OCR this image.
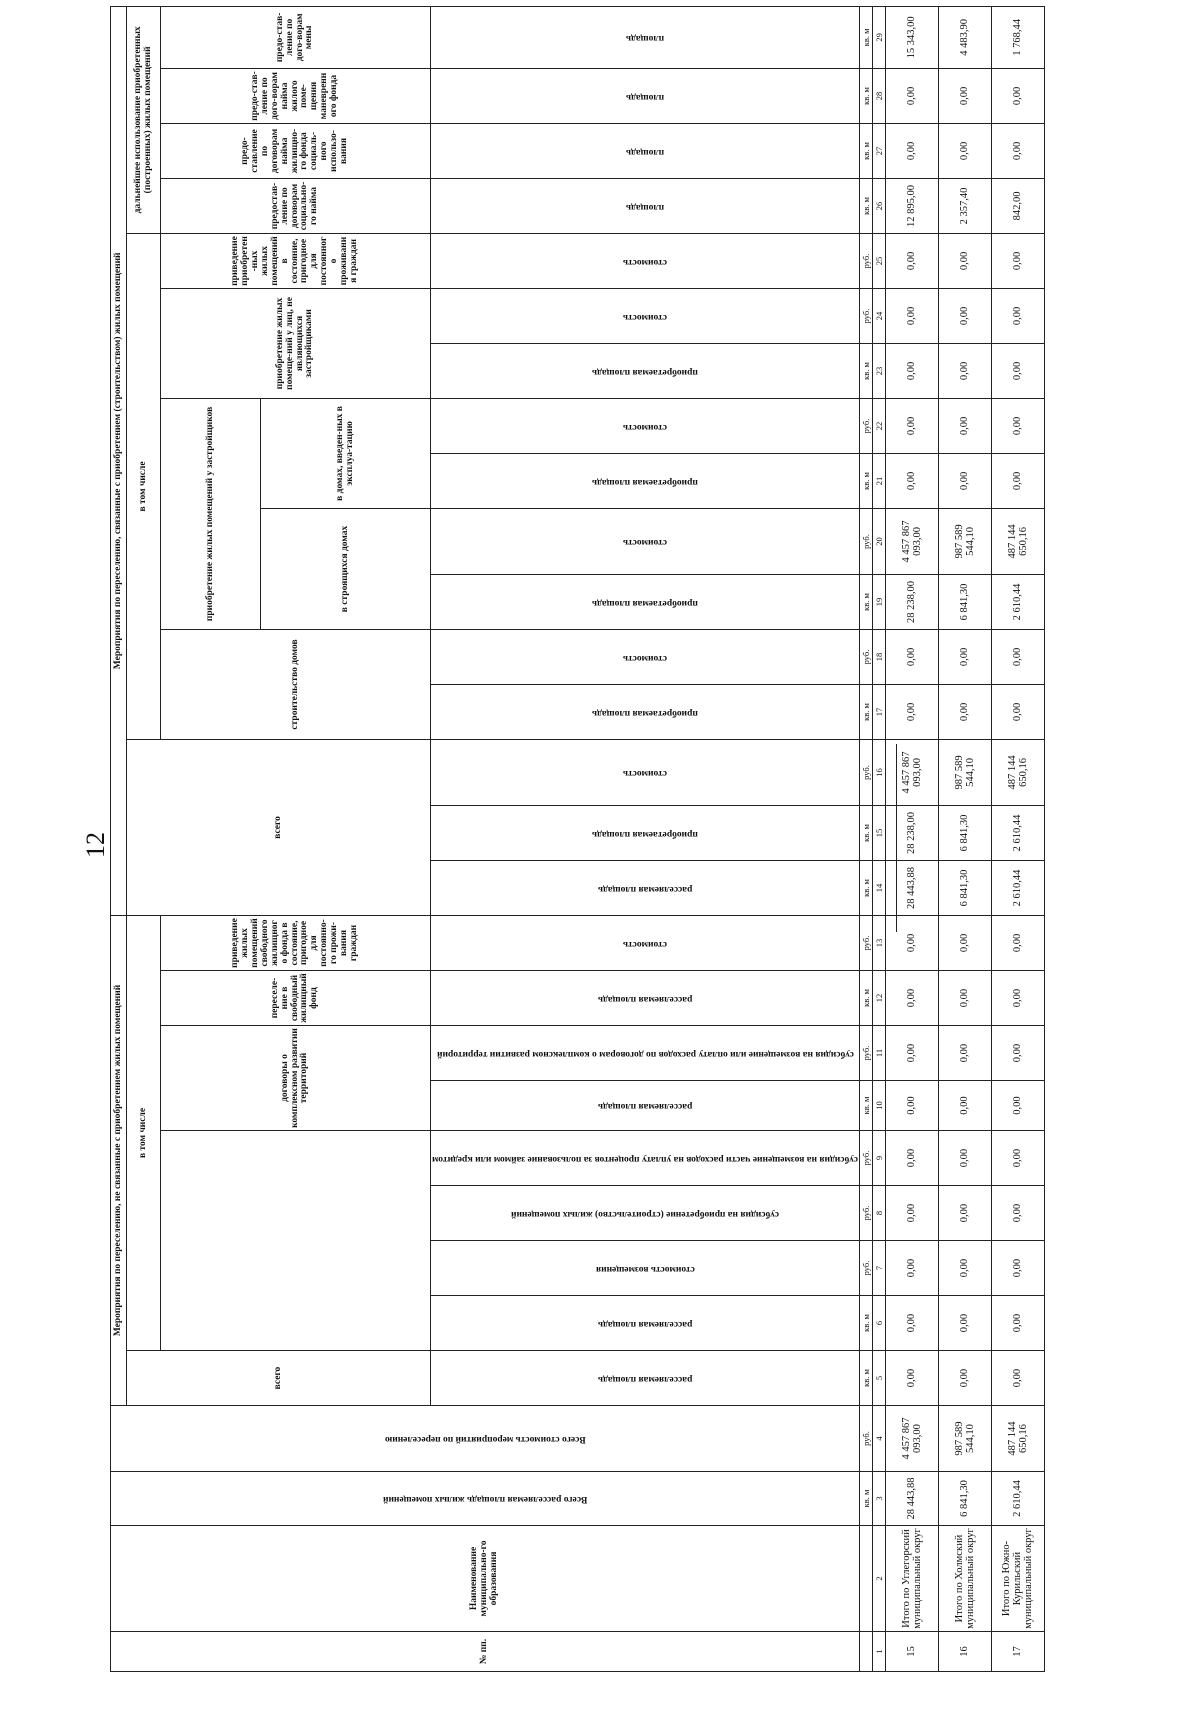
12
№ пп.	Наименование муниципально-го образования	Всего расселяемая площадь жилых помещений	Всего стоимость мероприятий по переселению	Мероприятия по переселению, не связанные с приобретением жилых помещений									Мероприятия по переселению, связанные с приобретением (строительством) жилых помещений															
				всего	в том числе								всего			в том числе									дальнейшее использование приобретенных (построенных) жилых помещений			
									договоры о комплексном развитии территорий		переселе-ние в свободный жилищный фонд	приведение жилых помещений свободного жилищного фонда в состояние, пригодное для постоянно-го прожи-вания граждан				строительство домов		приобретение жилых помещений у застройщиков				приобретение жилых помеще-ний у лиц, не являющихся застройщиками		приведение приобретен-ных жилых помещений в состояние, пригодное для постоянного проживания граждан	предостав-ление по договорам социально-го найма	предо-ставление по договорам найма жилищно-го фонда социаль-ного использо-вания	предо-став-ление по дого-ворам найма жилого поме-щения маневренного фонда	предо-став-ление по дого-ворам мены

																		в строящихся домах		в домах, введен-ных в эксплуа-тацию								

				расселяемая площадь	расселяемая площадь	стоимость возмещения	субсидия на приобретение (строительство) жилых помещений	субсидия на возмещение части расходов на уплату процентов за пользование займом или кредитом	расселяемая площадь	субсидия на возмещение или оплату расходов по договорам о комплексном развитии территорий	расселяемая площадь	стоимость	расселяемая площадь	приобретаемая площадь	стоимость	приобретаемая площадь	стоимость	приобретаемая площадь	стоимость	приобретаемая площадь	стоимость	приобретаемая площадь	стоимость	стоимость	площадь	площадь	площадь	площадь

		кв. м	руб.	кв. м	кв. м	руб.	руб.	руб.	кв. м	руб.	кв. м	руб.	кв. м	кв. м	руб.	кв. м	руб.	кв. м	руб.	кв. м	руб.	кв. м	руб.	руб.	кв. м	кв. м	кв. м	кв. м
1	2	3	4	5	6	7	8	9	10	11	12	13	14	15	16	17	18	19	20	21	22	23	24	25	26	27	28	29
15	Итого по Углегорский муниципальный округ	28 443,88	4 457 867 093,00	0,00	0,00	0,00	0,00	0,00	0,00	0,00	0,00	0,00	28 443,88	28 238,00	4 457 867 093,00	0,00	0,00	28 238,00	4 457 867 093,00	0,00	0,00	0,00	0,00	0,00	12 895,00	0,00	0,00	15 343,00
16	Итого по Холмский муниципальный округ	6 841,30	987 589 544,10	0,00	0,00	0,00	0,00	0,00	0,00	0,00	0,00	0,00	6 841,30	6 841,30	987 589 544,10	0,00	0,00	6 841,30	987 589 544,10	0,00	0,00	0,00	0,00	0,00	2 357,40	0,00	0,00	4 483,90
17	Итого по Южно-Курильский муниципальный округ	2 610,44	487 144 650,16	0,00	0,00	0,00	0,00	0,00	0,00	0,00	0,00	0,00	2 610,44	2 610,44	487 144 650,16	0,00	0,00	2 610,44	487 144 650,16	0,00	0,00	0,00	0,00	0,00	842,00	0,00	0,00	1 768,44
